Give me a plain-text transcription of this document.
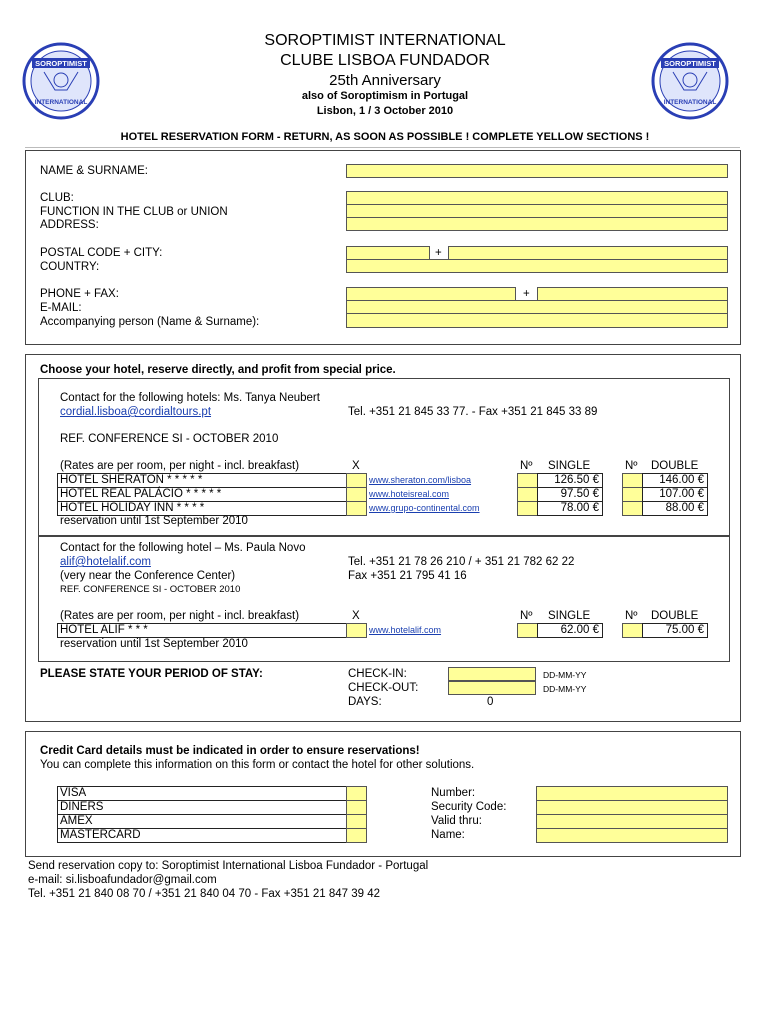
SOROPTIMIST
INTERNATIONAL
SOROPTIMIST
INTERNATIONAL
SOROPTIMIST INTERNATIONAL
CLUBE LISBOA FUNDADOR
25th Anniversary
also of Soroptimism in Portugal
Lisbon, 1 / 3 October 2010
HOTEL RESERVATION FORM - RETURN, AS SOON AS POSSIBLE ! COMPLETE YELLOW SECTIONS !
NAME & SURNAME:
CLUB:
FUNCTION IN THE CLUB or UNION
ADDRESS:
POSTAL CODE + CITY:
COUNTRY:
PHONE + FAX:
E-MAIL:
Accompanying person (Name & Surname):
+
+
Choose your hotel, reserve directly, and profit from special price.
Contact for the following hotels: Ms. Tanya Neubert
cordial.lisboa@cordialtours.pt	Tel. +351 21 845 33 77. - Fax +351 21 845 33 89
REF. CONFERENCE SI - OCTOBER 2010
(Rates are per room, per night - incl. breakfast)	X	Nº SINGLE	Nº DOUBLE
HOTEL SHERATON * * * * *	www.sheraton.com/lisboa	126.50 €	146.00 €
HOTEL REAL PALÁCIO * * * * *	www.hoteisreal.com	97.50 €	107.00 €
HOTEL HOLIDAY INN * * * *	www.grupo-continental.com	78.00 €	88.00 €
reservation until 1st September 2010
Contact for the following hotel – Ms. Paula Novo
alif@hotelalif.com	Tel. +351 21 78 26 210 / + 351 21 782 62 22
(very near the Conference Center)	Fax +351 21 795 41 16
REF. CONFERENCE SI - OCTOBER 2010
(Rates are per room, per night - incl. breakfast)	X	Nº SINGLE	Nº DOUBLE
HOTEL ALIF * * *	www.hotelalif.com	62.00 €	75.00 €
reservation until 1st September 2010
PLEASE STATE YOUR PERIOD OF STAY:	CHECK-IN:
CHECK-OUT:
DAYS:	0
DD-MM-YY
DD-MM-YY
Credit Card details must be indicated in order to ensure reservations!
You can complete this information on this form or contact the hotel for other solutions.
VISA	Number:
DINERS	Security Code:
AMEX	Valid thru:
MASTERCARD	Name:
Send reservation copy to: Soroptimist International Lisboa Fundador - Portugal
e-mail: si.lisboafundador@gmail.com
Tel. +351 21 840 08 70 / +351 21 840 04 70 - Fax +351 21 847 39 42
